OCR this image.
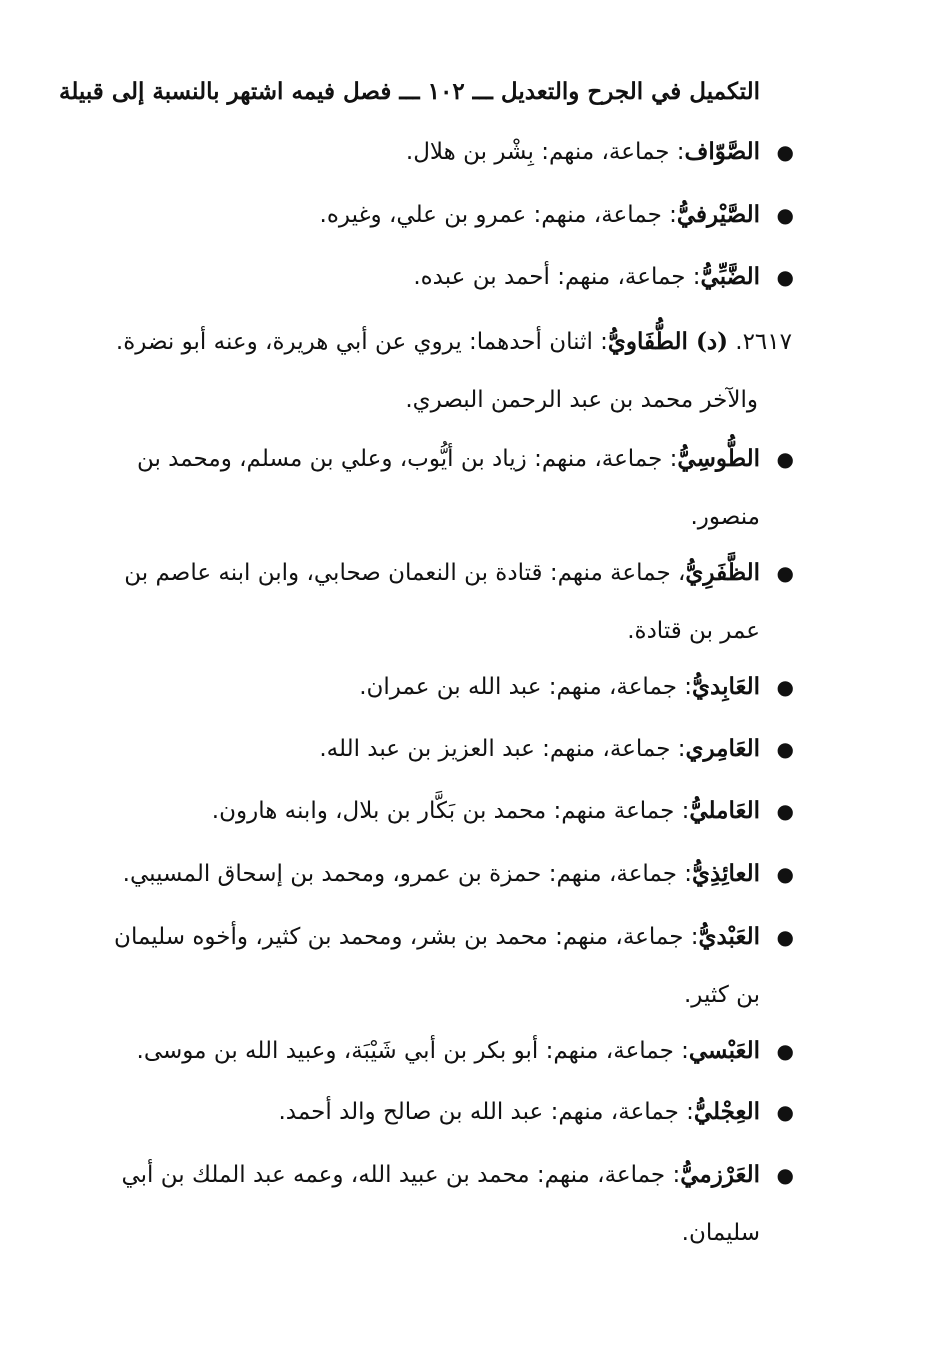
التكميل في الجرح والتعديل ـــ ١٠٢ ـــ فصل فيمه اشتهر بالنسبة إلى قبيلة
●
الصَّوّاف: جماعة، منهم: بِشْر بن هلال.
●
الصَّيْرفيُّ: جماعة، منهم: عمرو بن علي، وغيره.
●
الضَّبِّيُّ: جماعة، منهم: أحمد بن عبده.
٢٦١٧. (د) الطُّفَاويُّ: اثنان أحدهما: يروي عن أبي هريرة، وعنه أبو نضرة.
والآخر محمد بن عبد الرحمن البصري.
●
الطُّوسِيُّ: جماعة، منهم: زياد بن أيُّوب، وعلي بن مسلم، ومحمد بن منصور.
●
الظَّفَرِيُّ، جماعة منهم: قتادة بن النعمان صحابي، وابن ابنه عاصم بن عمر بن قتادة.
●
العَابِديُّ: جماعة، منهم: عبد الله بن عمران.
●
العَامِري: جماعة، منهم: عبد العزيز بن عبد الله.
●
العَامليُّ: جماعة منهم: محمد بن بَكَّار بن بلال، وابنه هارون.
●
العائِذِيُّ: جماعة، منهم: حمزة بن عمرو، ومحمد بن إسحاق المسيبي.
●
العَبْديُّ: جماعة، منهم: محمد بن بشر، ومحمد بن كثير، وأخوه سليمان بن كثير.
●
العَبْسي: جماعة، منهم: أبو بكر بن أبي شَيْبَة، وعبيد الله بن موسى.
●
العِجْليُّ: جماعة، منهم: عبد الله بن صالح والد أحمد.
●
العَرْزميُّ: جماعة، منهم: محمد بن عبيد الله، وعمه عبد الملك بن أبي سليمان.
